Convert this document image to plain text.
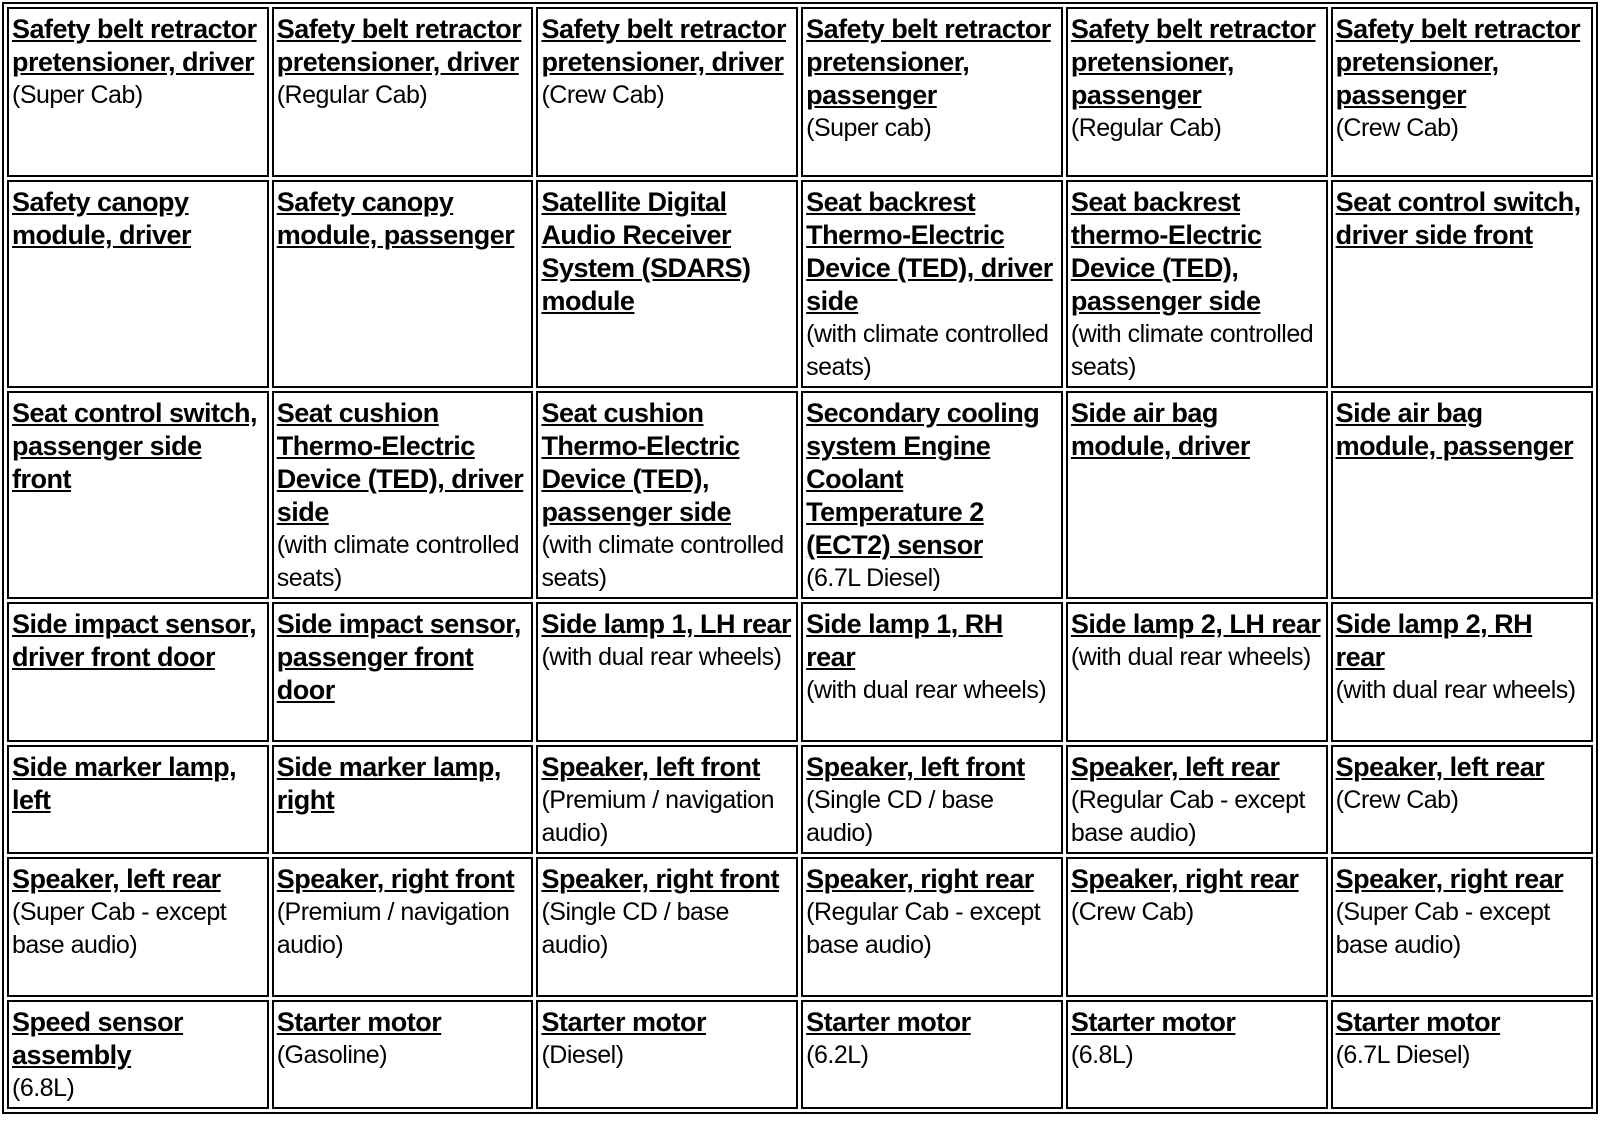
Safety belt retractor pretensioner, driver
(Super Cab)	Safety belt retractor pretensioner, driver
(Regular Cab)	Safety belt retractor pretensioner, driver
(Crew Cab)	Safety belt retractor pretensioner, passenger
(Super cab)	Safety belt retractor pretensioner, passenger
(Regular Cab)	Safety belt retractor pretensioner, passenger
(Crew Cab)

Safety canopy module, driver	Safety canopy module, passenger	Satellite Digital Audio Receiver System (SDARS) module	Seat backrest Thermo-Electric Device (TED), driver side
(with climate controlled seats)	Seat backrest thermo-Electric Device (TED), passenger side
(with climate controlled seats)	Seat control switch, driver side front

Seat control switch, passenger side front	Seat cushion Thermo-Electric Device (TED), driver side
(with climate controlled seats)	Seat cushion Thermo-Electric Device (TED), passenger side
(with climate controlled seats)	Secondary cooling system Engine Coolant Temperature 2 (ECT2) sensor
(6.7L Diesel)	Side air bag module, driver	Side air bag module, passenger

Side impact sensor, driver front door	Side impact sensor, passenger front door	Side lamp 1, LH rear
(with dual rear wheels)	Side lamp 1, RH rear
(with dual rear wheels)	Side lamp 2, LH rear
(with dual rear wheels)	Side lamp 2, RH rear
(with dual rear wheels)

Side marker lamp, left	Side marker lamp, right	Speaker, left front
(Premium / navigation audio)	Speaker, left front
(Single CD / base audio)	Speaker, left rear
(Regular Cab - except base audio)	Speaker, left rear
(Crew Cab)

Speaker, left rear
(Super Cab - except base audio)	Speaker, right front
(Premium / navigation audio)	Speaker, right front
(Single CD / base audio)	Speaker, right rear
(Regular Cab - except base audio)	Speaker, right rear
(Crew Cab)	Speaker, right rear
(Super Cab - except base audio)

Speed sensor assembly
(6.8L)	Starter motor
(Gasoline)	Starter motor
(Diesel)	Starter motor
(6.2L)	Starter motor
(6.8L)	Starter motor
(6.7L Diesel)
